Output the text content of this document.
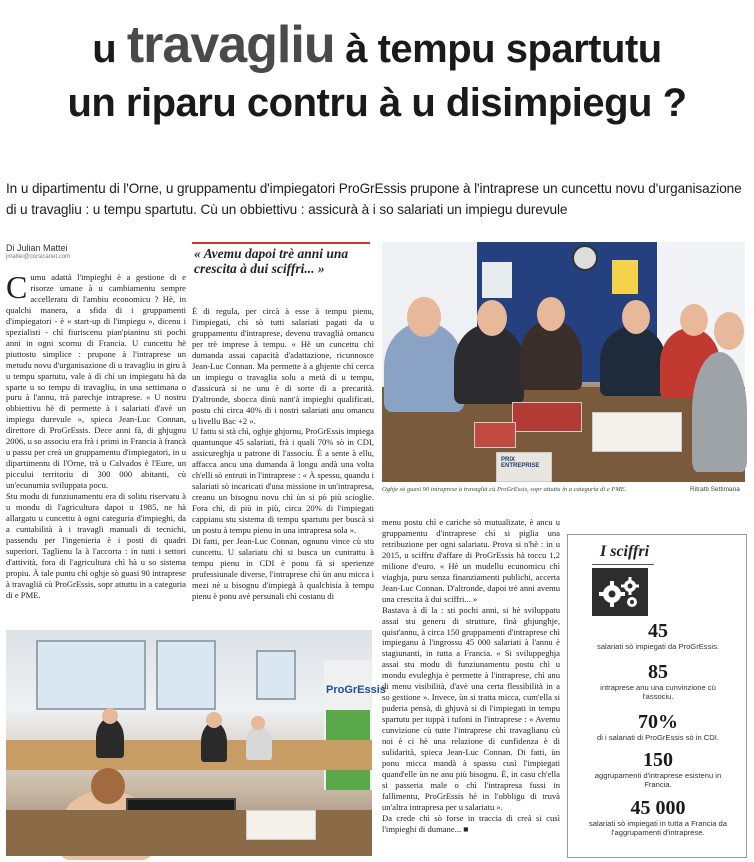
u travagliu à tempu spartutu
un riparu contru à u disimpiegu ?
In u dipartimentu di l'Orne, u gruppamentu d'impiegatori ProGrEssis prupone à l'intraprese un cuncettu novu d'urganisazione di u travagliu : u tempu spartutu. Cù un obbiettivu : assicurà à i so salariati un impiegu durevule
Di Julian Mattei
jmattei@corsicanet.com

Cumu adattà l'impieghi è a gestione di e risorze umane à u cambiamentu sempre accelleratu di l'ambiu economicu ? Hè, in qualchi manera, a sfida di i gruppamenti d'impiegatori - è « start-up di l'impiegu », dicenu i spezialisti - chì fiuriscenu pian'pianinu sti pochi anni in ogni scornu di Francia. U cuncettu hè piuttostu simplice : prupone à l'intraprese un metudu novu d'urganisazione di u travagliu in giru à u tempu spartutu, vale à dì chì un impiegatu hà da sparte u so tempu di travagliu, in una settimana o puru à l'annu, trà parechje intraprese. « U nostru obbiettivu hè di permette à i salariati d'avè un impiegu durevule », spieca Jean-Luc Connan, direttore di ProGrEssis. Dece anni fà, di ghjugnu 2006, u so associu era frà i primi in Francia à francà u passu per creà un gruppamentu d'impiegatori, in u dipartimentu di l'Orne, trà u Calvados è l'Eure, un piccului territoriu di 300 000 abitanti, cù un'ecunumia sviluppata pocu.

Stu modu di funziunamentu era di solitu riservatu à u mondu di l'agricultura dapoi u 1985, ne hà allargatu u cuncettu à ogni categuria d'impieghi, da a cuntabilità à i travagli manuali di tecnichi, passendu per l'ingenieria è i posti di quadri superiori. Taglienu la à l'accorta : in tutti i settori d'attività, fora di l'agricultura chì hà u so sistema propiu. À tale puntu chì oghje sò guasi 90 intraprese à travaglià cù ProGrEssis, sopr attuttu in a categuria di e PME.

« Avemu dapoi trè anni una crescita à dui sciffri... »

È di regula, per circà à esse à tempu pienu, l'impiegati, chì sò tutti salariati pagati da u gruppamentu d'intraprese, devenu travaglià omancu per trè imprese à tempu. « Hè un cuncettu chì dumanda assai capacità d'adattazione, ricunnosce Jean-Luc Connan. Ma permette à a ghjente chì cerca un impiegu o travaglia solu a metà di u tempu, d'assicurà si ne unu è di sorte di a precarità. D'altronde, sbocca dinù nant'à impieghi qualificati, postu chì circa 40% di i nostri salariati anu omancu u livellu Bac +2 ».

U fattu si stà chì, oghje ghjornu, ProGrEssis impiega quantunque 45 salariati, frà i quali 70% sò in CDI, assicureghja u patrone di l'associu. È a sente à ellu, affacca ancu una dumanda à longu andà una volta ch'elli sò entruti in l'intraprese : « À spessu, quandu i salariati sò incaricati d'una missione in un'intrapresa, creanu un bisognu novu chì ùn si pò più scioglie. Fora chì, di più in più, circa 20% di l'impiegati cappianu stu sistema di tempu spartutu per buscà si un postu à tempu pienu in una intrapresa sola ».

Di fatti, per Jean-Luc Connan, ognunu vince cù stu cuncettu. U salariatu chì si busca un cuntrattu à tempu pienu in CDI è ponu fà si sperienze prufessiunale diverse, l'intraprese chì ùn anu micca i mezi nè u bisognu d'impiegà à qualchisia à tempu pienu è ponu avè persunali chì costanu di

PRIX ENTREPRISE
Oghje sò guasi 90 intraprese à travaglià cù ProGrEssis, sopr attuttu in a categuria di e PME.	Ritratti Settimana

menu postu chì e cariche sò mutualizate, è ancu u gruppamentu d'intraprese chì si piglia una retribuzione per ogni salariatu. Prova si n'hè : in u 2015, u sciffru d'affare di ProGrEssis hà toccu 1,2 milione d'euro. « Hè un mudellu ecunomicu chì viaghja, puru senza finanziamenti publichi, accerta Jean-Luc Connan. D'altronde, dapoi trè anni avemu una crescita à dui sciffri... »

Bastava à dì la : sti pochi anni, si hè sviluppatu assai stu generu di strutture, finà ghjunghje, quist'annu, à circa 150 gruppamenti d'intraprese chì impieganu à l'ingrossu 45 000 salariati à l'annu è stagiunanti, in tutta a Francia. « Si sviluppeghja assai stu modu di funziunamentu postu chì u mondu evuleghja è permette à l'intraprese, chì anu di menu visibilità, d'avè una certa flessibilità in a so gestione ». Invece, ùn si tratta micca, cum'ella si puderia pensà, di ghjuvà si di l'impiegati in tempu spartutu per tuppà i tufoni in l'intraprese : « Avemu cunvizione cù tutte l'intraprese chì travaglianu cù noi è ci hè una relazione di cunfidenza è di sulidarità, spieca Jean-Luc Connan. Di fatti, ùn ponu micca mandà à spassu cusì l'impiegati quand'elle ùn ne anu più bisognu. È, in casu ch'ella si passeria male o chì l'intrapresa fussi in fallimentu, ProGrEssis hè in l'obbligu di truvà un'altra intrapresa per u salariatu ».

Da crede chì sò forse in traccia di creà si cusì l'impieghi di dumane... ■

ProGrEssis
I sciffri
45
salariati sò impiegati da ProGrEssis.
85
intraprese anu una cunvinzione cù l'associu.
70%
di i salariati di ProGrEssis sò in CDI.
150
aggrupamenti d'intraprese esistenu in Francia.
45 000
salariati sò impiegati in tutta a Francia da l'aggrupamenti d'intraprese.
